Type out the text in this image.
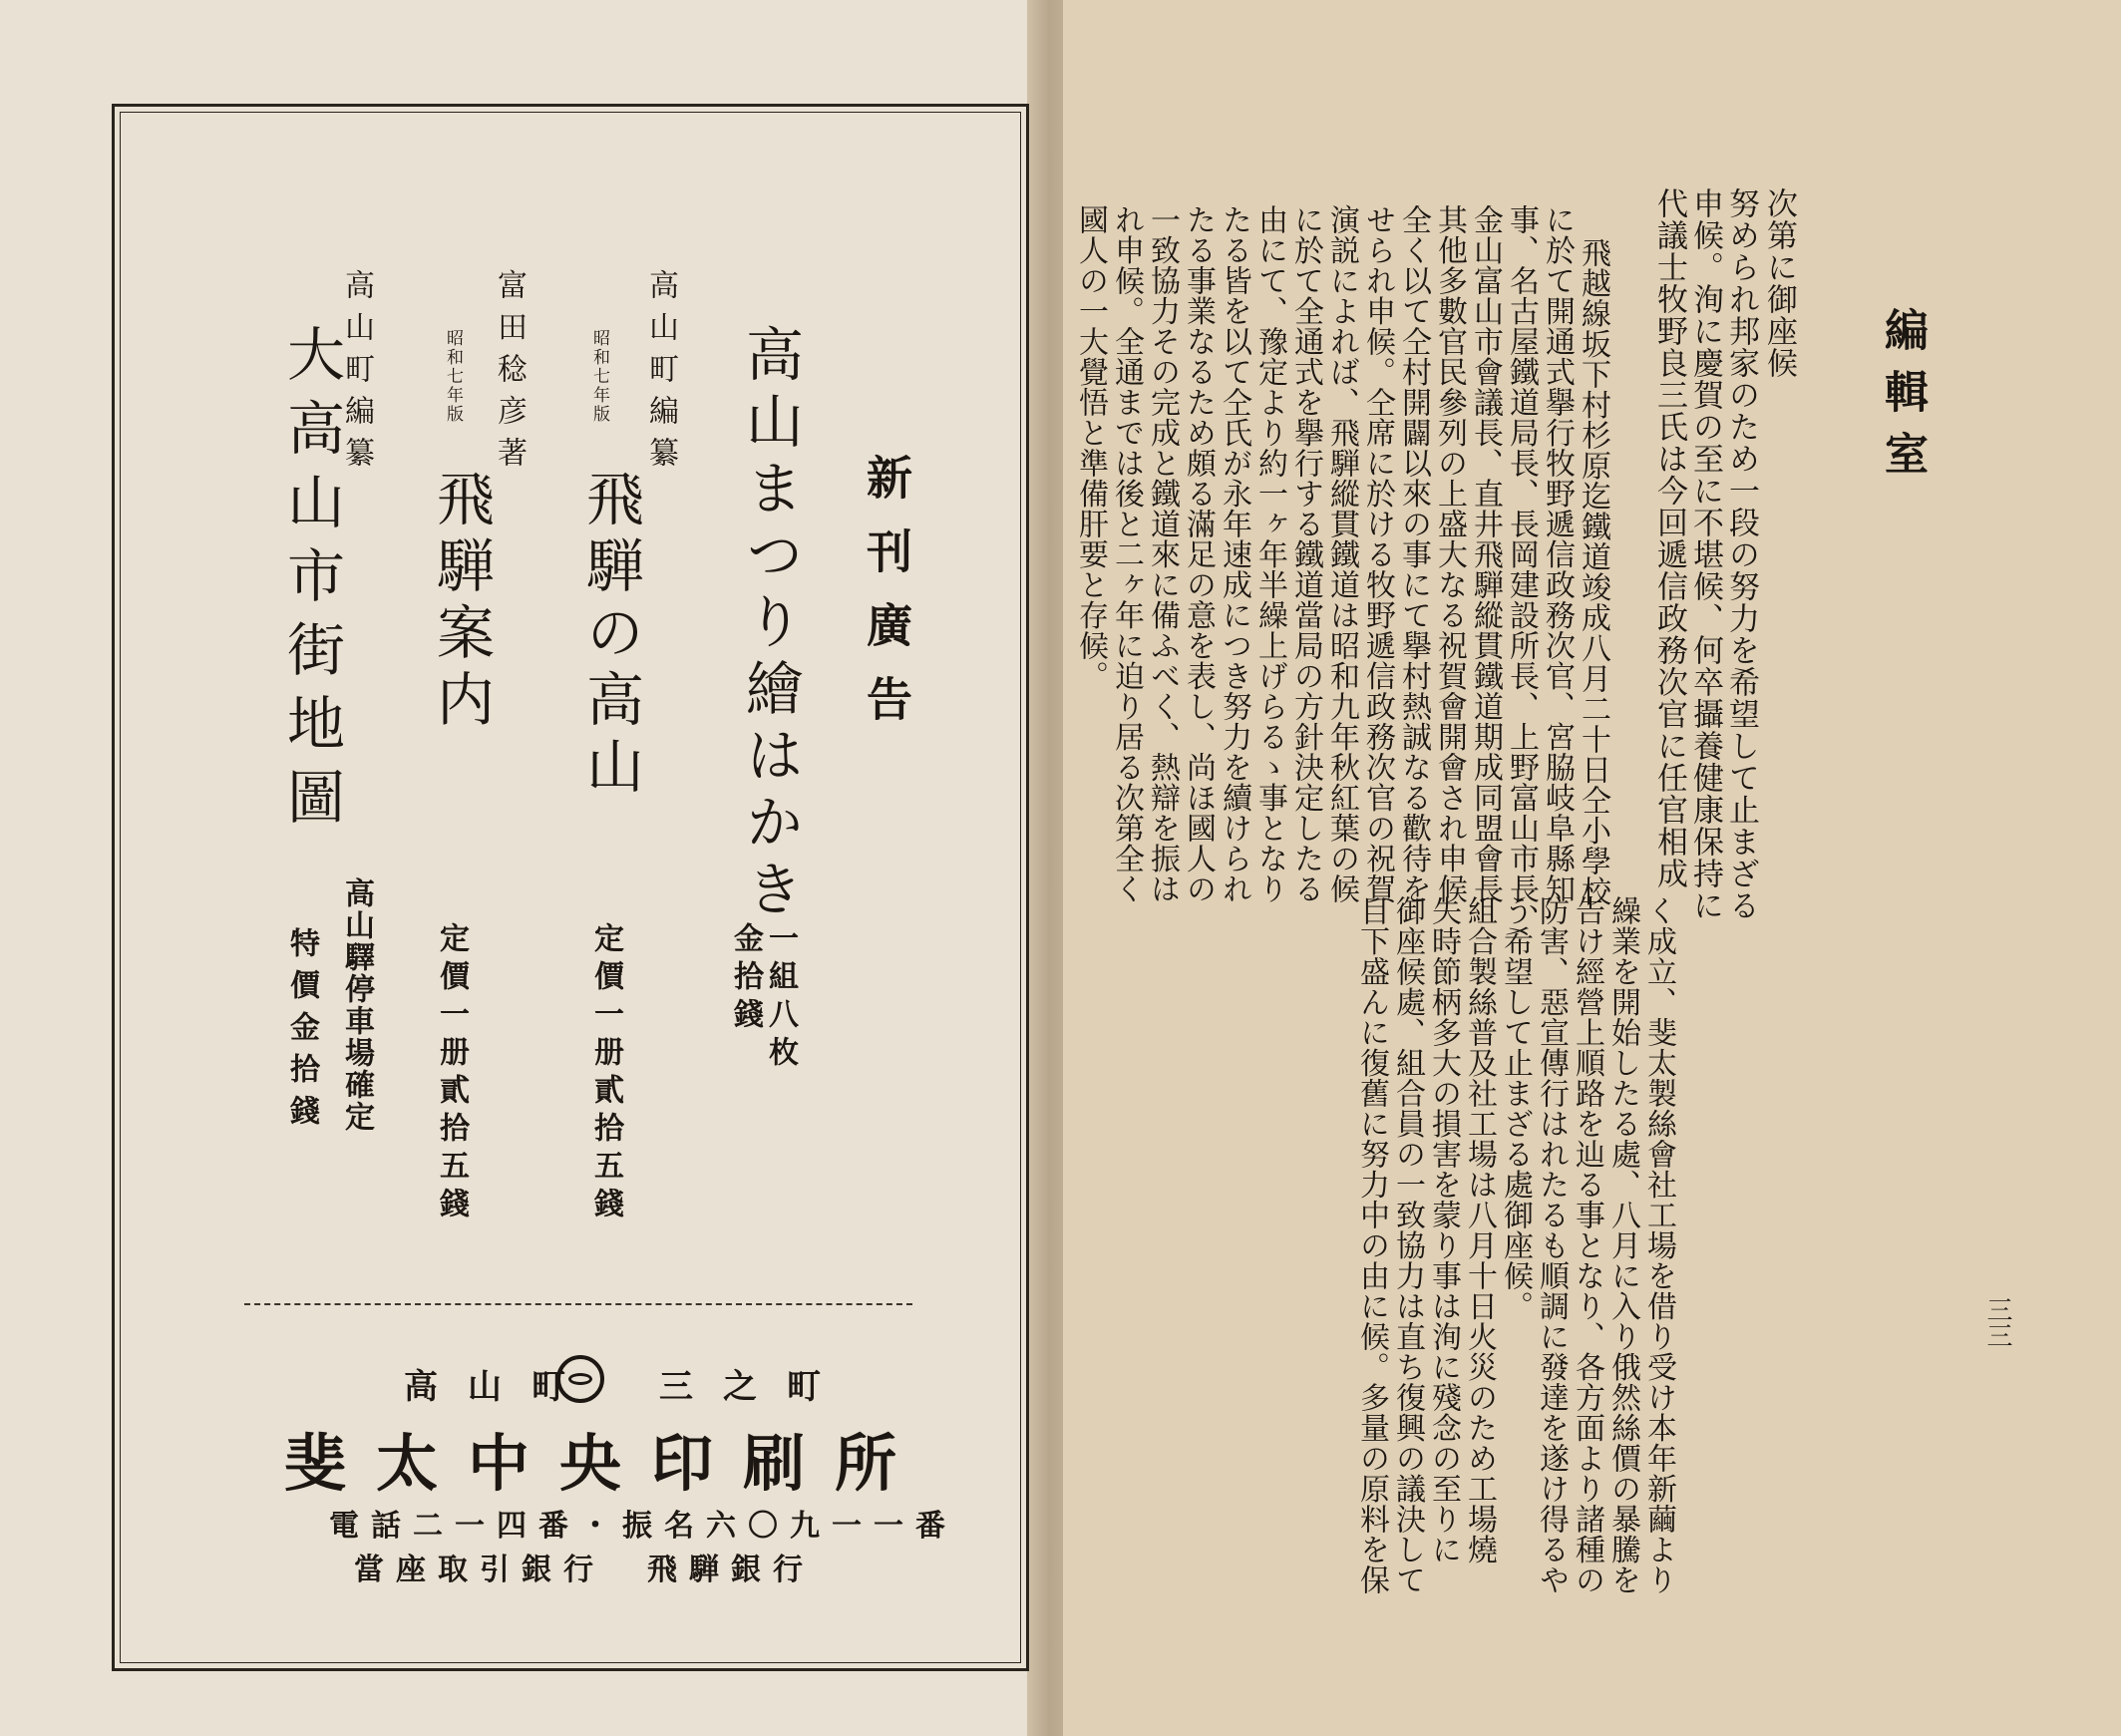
新刊廣告
高山まつり繪はかき
一組八枚
金拾錢
高山町編纂
昭和七年版
飛騨の高山
定價一册貳拾五錢
富田稔彦著
昭和七年版
飛騨案内
定價一册貳拾五錢
高山町編纂
大高山市街地圖
高山驛停車場確定
特價金拾錢
高山町　三之町
斐太中央印刷所
電話二一四番・振名六〇九一一番
當座取引銀行　飛騨銀行
編輯室
次第に御座候
努められ邦家のため一段の努力を希望して止まざる
申候。洵に慶賀の至に不堪候、何卒攝養健康保持に
代議士牧野良三氏は今回遞信政務次官に任官相成
飛越線坂下村杉原迄鐵道竣成八月二十日仝小學校
に於て開通式擧行牧野遞信政務次官、宮脇岐阜縣知
事、名古屋鐵道局長、長岡建設所長、上野富山市長、
金山富山市會議長、直井飛騨縱貫鐵道期成同盟會長
其他多數官民參列の上盛大なる祝賀會開會され申候
全く以て仝村開闢以來の事にて擧村熱誠なる歡待を
せられ申候。仝席に於ける牧野遞信政務次官の祝賀
演説によれば、飛騨縱貫鐵道は昭和九年秋紅葉の候
に於て全通式を擧行する鐵道當局の方針決定したる
由にて、豫定より約一ヶ年半繰上げらるゝ事となり
たる皆を以て仝氏が永年速成につき努力を續けられ
たる事業なるため頗る滿足の意を表し、尚ほ國人の
一致協力その完成と鐵道來に備ふべく、熱辯を振は
れ申候。全通までは後と二ヶ年に迫り居る次第全く
國人の一大覺悟と準備肝要と存候。
く成立、斐太製絲會社工場を借り受け本年新繭より
繰業を開始したる處、八月に入り俄然絲價の暴騰を
告け經營上順路を辿る事となり、各方面より諸種の
防害、惡宣傳行はれたるも順調に發達を遂け得るや
う希望して止まざる處御座候。
組合製絲普及社工場は八月十日火災のため工場燒
失時節柄多大の損害を蒙り事は洵に殘念の至りに
御座候處、組合員の一致協力は直ち復興の議決して
目下盛んに復舊に努力中の由に候。多量の原料を保	三三
